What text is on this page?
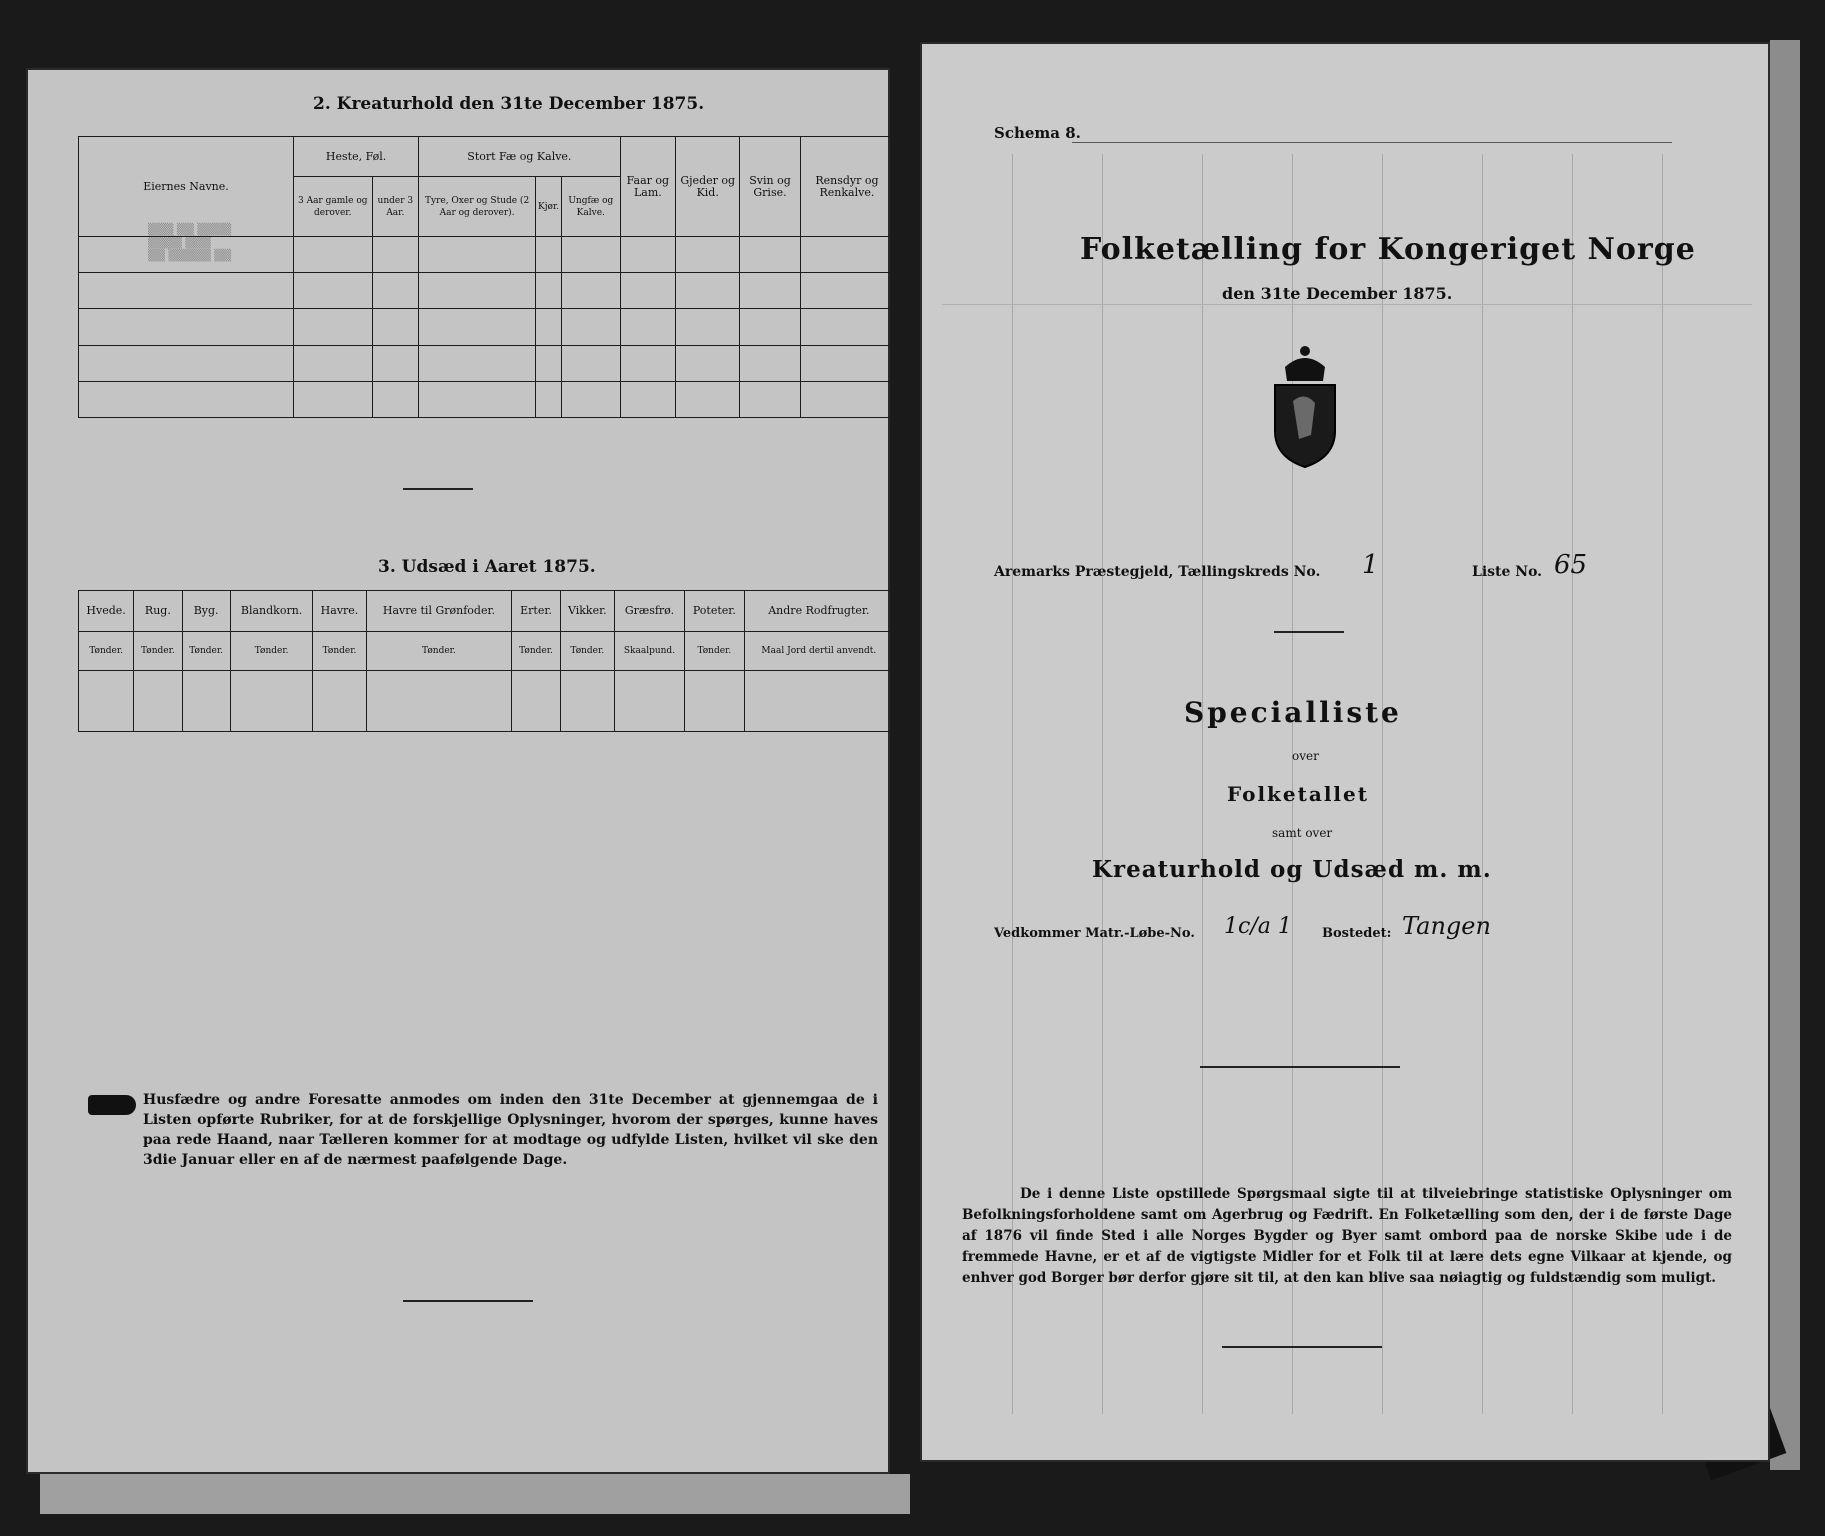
▒▒▒ ▒▒ ▒▒▒▒
▒▒▒▒ ▒▒▒
▒▒ ▒▒▒▒▒ ▒▒

2. Kreaturhold den 31te December 1875.
Eiernes Navne.	Heste, Føl.		Stort Fæ og Kalve.			Faar og Lam.	Gjeder og Kid.	Svin og Grise.	Rensdyr og Renkalve.
	3 Aar gamle og derover.	under 3 Aar.	Tyre, Oxer og Stude (2 Aar og derover).	Kjør.	Ungfæ og Kalve.				

3. Udsæd i Aaret 1875.
Hvede.	Rug.	Byg.	Blandkorn.	Havre.	Havre til Grønfoder.	Erter.	Vikker.	Græsfrø.	Poteter.	Andre Rodfrugter.
Tønder.	Tønder.	Tønder.	Tønder.	Tønder.	Tønder.	Tønder.	Tønder.	Skaalpund.	Tønder.	Maal Jord dertil anvendt.

Husfædre og andre Foresatte anmodes om inden den 31te December at gjennemgaa de i Listen opførte Rubriker, for at de forskjellige Oplysninger, hvorom der spørges, kunne haves paa rede Haand, naar Tælleren kommer for at modtage og udfylde Listen, hvilket vil ske den 3die Januar eller en af de nærmest paafølgende Dage.
Schema 8.
Folketælling for Kongeriget Norge
den 31te December 1875.
Aremarks Præstegjeld, Tællingskreds No. 1	Liste No. 65
Specialliste
over
Folketallet
samt over
Kreaturhold og Udsæd m. m.
Vedkommer Matr.-Løbe-No. 1c/a 1 Bostedet: Tangen
De i denne Liste opstillede Spørgsmaal sigte til at tilveiebringe statistiske Oplysninger om Befolkningsforholdene samt om Agerbrug og Fædrift. En Folketælling som den, der i de første Dage af 1876 vil finde Sted i alle Norges Bygder og Byer samt ombord paa de norske Skibe ude i de fremmede Havne, er et af de vigtigste Midler for et Folk til at lære dets egne Vilkaar at kjende, og enhver god Borger bør derfor gjøre sit til, at den kan blive saa nøiagtig og fuldstændig som muligt.
